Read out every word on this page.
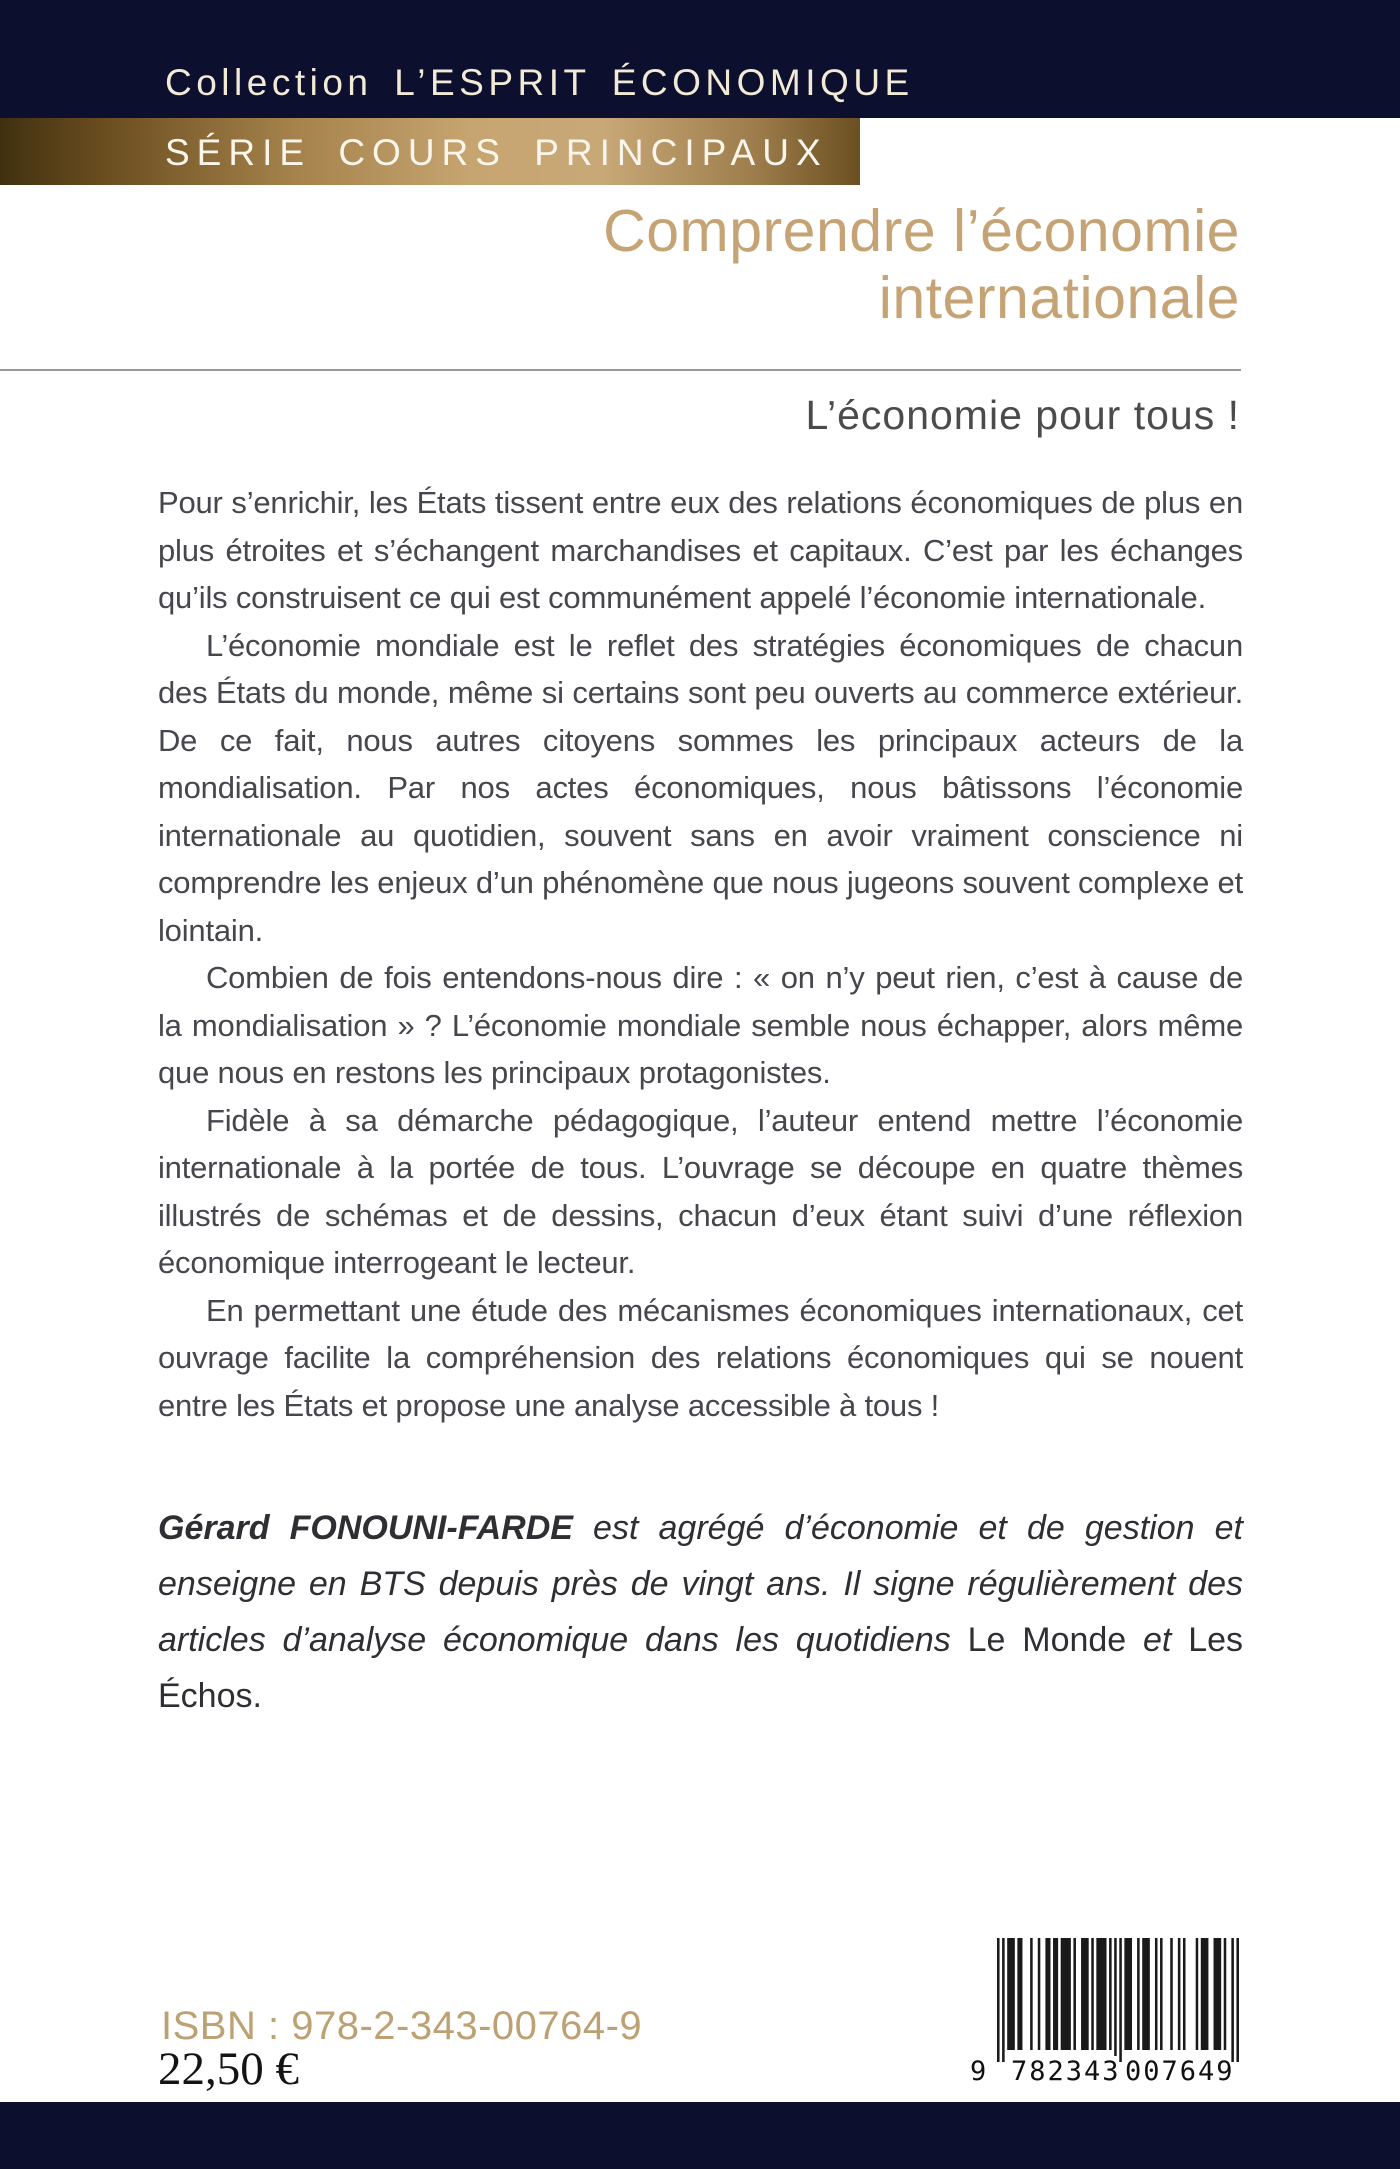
Collection L’ESPRIT ÉCONOMIQUE
SÉRIE COURS PRINCIPAUX
Comprendre l’économie
internationale
L’économie pour tous !

Pour s’enrichir, les États tissent entre eux des relations économiques de plus en plus étroites et s’échangent marchandises et capitaux. C’est par les échanges qu’ils construisent ce qui est communément appelé l’économie internationale.

L’économie mondiale est le reflet des stratégies économiques de chacun des États du monde, même si certains sont peu ouverts au commerce extérieur. De ce fait, nous autres citoyens sommes les principaux acteurs de la mondialisation. Par nos actes économiques, nous bâtissons l’économie internationale au quotidien, souvent sans en avoir vraiment conscience ni comprendre les enjeux d’un phénomène que nous jugeons souvent complexe et lointain.

Combien de fois entendons-nous dire : « on n’y peut rien, c’est à cause de la mondialisation » ? L’économie mondiale semble nous échapper, alors même que nous en restons les principaux protagonistes.

Fidèle à sa démarche pédagogique, l’auteur entend mettre l’économie internationale à la portée de tous. L’ouvrage se découpe en quatre thèmes illustrés de schémas et de dessins, chacun d’eux étant suivi d’une réflexion économique interrogeant le lecteur.

En permettant une étude des mécanismes économiques internationaux, cet ouvrage facilite la compréhension des relations économiques qui se nouent entre les États et propose une analyse accessible à tous !

Gérard FONOUNI-FARDE est agrégé d’économie et de gestion et enseigne en BTS depuis près de vingt ans. Il signe régulièrement des articles d’analyse économique dans les quotidiens Le Monde et Les Échos.
ISBN : 978-2-343-00764-9
22,50 €	9 782343 007649
